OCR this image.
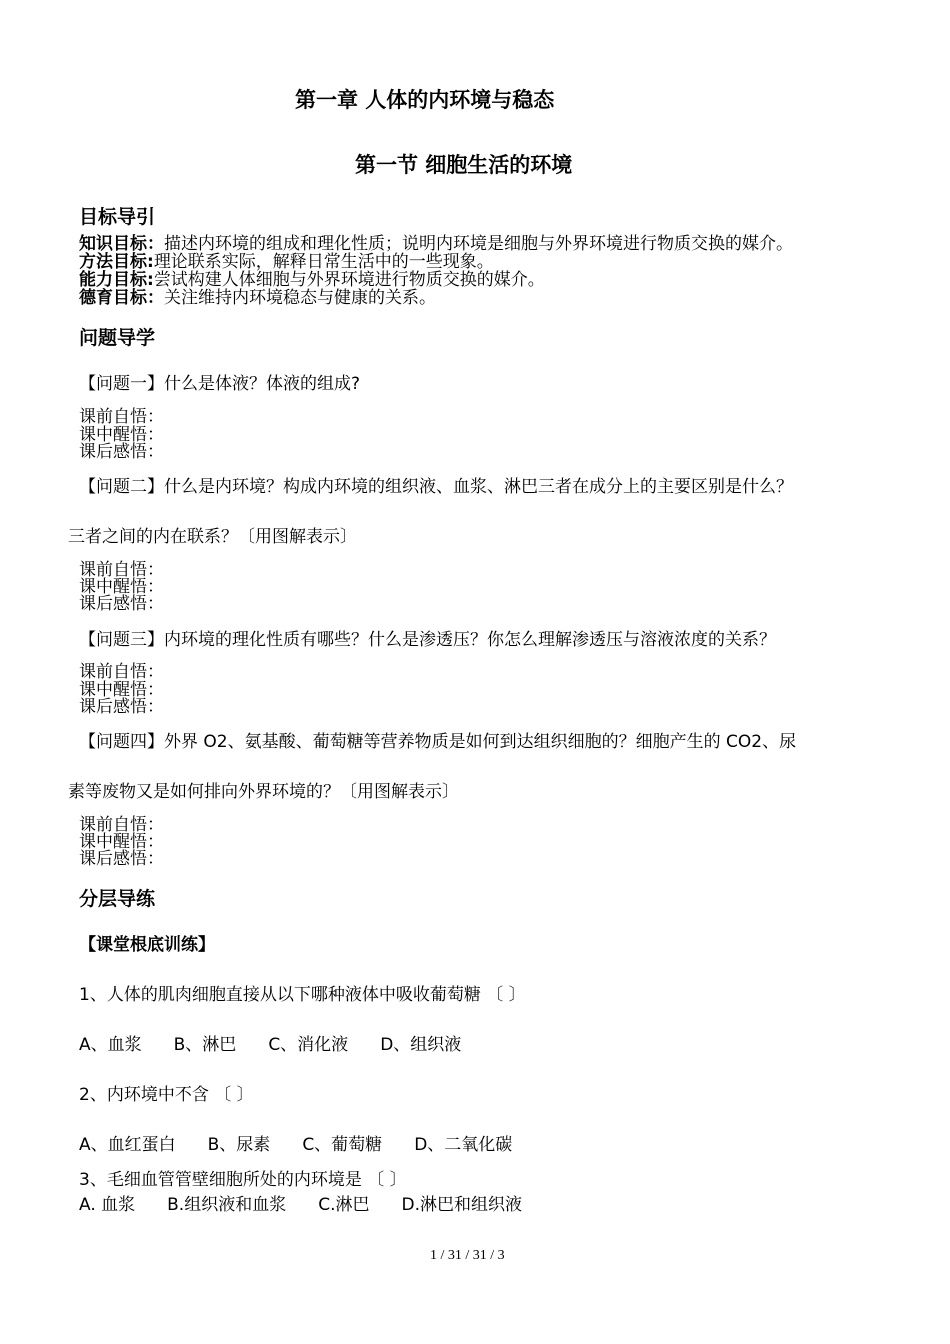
第一章 人体的内环境与稳态
第一节 细胞生活的环境
目标导引
知识目标：描述内环境的组成和理化性质；说明内环境是细胞与外界环境进行物质交换的媒介。
方法目标:理论联系实际，解释日常生活中的一些现象。
能力目标:尝试构建人体细胞与外界环境进行物质交换的媒介。
德育目标：关注维持内环境稳态与健康的关系。
问题导学
【问题一】什么是体液？体液的组成?
课前自悟：
课中醒悟：
课后感悟：
【问题二】什么是内环境？构成内环境的组织液、血浆、淋巴三者在成分上的主要区别是什么？
三者之间的内在联系？〔用图解表示〕
课前自悟：
课中醒悟：
课后感悟：
【问题三】内环境的理化性质有哪些？什么是渗透压？你怎么理解渗透压与溶液浓度的关系？
课前自悟：
课中醒悟：
课后感悟：
【问题四】外界 O2、氨基酸、葡萄糖等营养物质是如何到达组织细胞的？细胞产生的 CO2、尿
素等废物又是如何排向外界环境的？〔用图解表示〕
课前自悟：
课中醒悟：
课后感悟：
分层导练
【课堂根底训练】
1、人体的肌肉细胞直接从以下哪种液体中吸收葡萄糖 〔 〕
A、血浆 B、淋巴 C、消化液 D、组织液
2、内环境中不含 〔 〕
A、血红蛋白 B、尿素 C、葡萄糖 D、二氧化碳
3、毛细血管管壁细胞所处的内环境是 〔 〕
A. 血浆 B.组织液和血浆 C.淋巴 D.淋巴和组织液
1 / 31 / 31 / 3
